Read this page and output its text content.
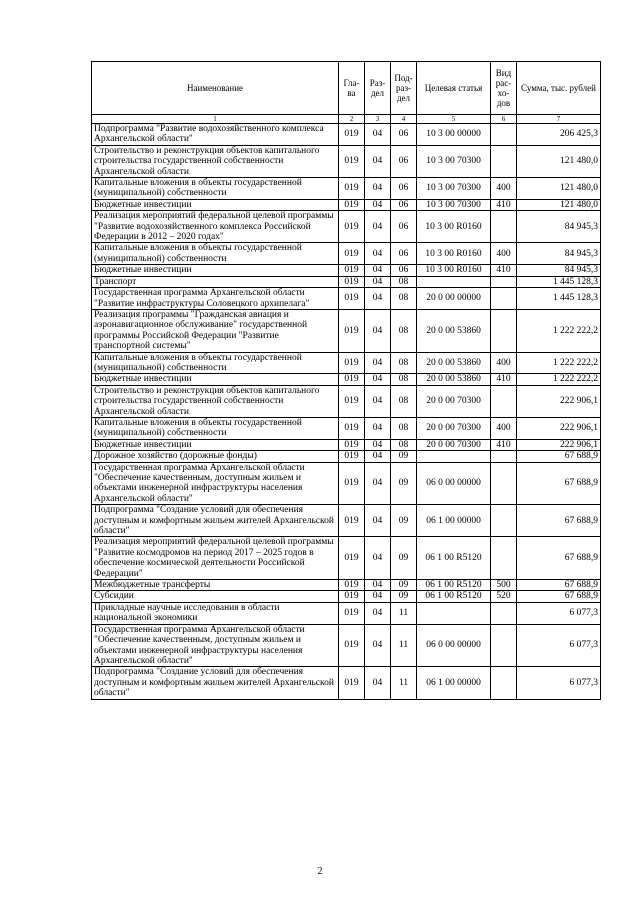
Наименование	Гла-ва	Раз-дел	Под-раз-дел	Целевая статья	Вид рас-хо-дов	Сумма, тыс. рублей
1	2	3	4	5	6	7
Подпрограмма "Развитие водохозяйственного комплекса Архангельской области"	019	04	06	10 3 00 00000		206 425,3
Строительство и реконструкция объектов капитального строительства государственной собственности Архангельской области	019	04	06	10 3 00 70300		121 480,0
Капитальные вложения в объекты государственной (муниципальной) собственности	019	04	06	10 3 00 70300	400	121 480,0
Бюджетные инвестиции	019	04	06	10 3 00 70300	410	121 480,0
Реализация мероприятий федеральной целевой программы "Развитие водохозяйственного комплекса Российской Федерации в 2012 – 2020 годах"	019	04	06	10 3 00 R0160		84 945,3
Капитальные вложения в объекты государственной (муниципальной) собственности	019	04	06	10 3 00 R0160	400	84 945,3
Бюджетные инвестиции	019	04	06	10 3 00 R0160	410	84 945,3
Транспорт	019	04	08			1 445 128,3
Государственная программа Архангельской области "Развитие инфраструктуры Соловецкого архипелага"	019	04	08	20 0 00 00000		1 445 128,3
Реализация программы "Гражданская авиация и аэронавигационное обслуживание" государственной программы Российской Федерации "Развитие транспортной системы"	019	04	08	20 0 00 53860		1 222 222,2
Капитальные вложения в объекты государственной (муниципальной) собственности	019	04	08	20 0 00 53860	400	1 222 222,2
Бюджетные инвестиции	019	04	08	20 0 00 53860	410	1 222 222,2
Строительство и реконструкция объектов капитального строительства государственной собственности Архангельской области	019	04	08	20 0 00 70300		222 906,1
Капитальные вложения в объекты государственной (муниципальной) собственности	019	04	08	20 0 00 70300	400	222 906,1
Бюджетные инвестиции	019	04	08	20 0 00 70300	410	222 906,1
Дорожное хозяйство (дорожные фонды)	019	04	09			67 688,9
Государственная программа Архангельской области "Обеспечение качественным, доступным жильем и объектами инженерной инфраструктуры населения Архангельской области"	019	04	09	06 0 00 00000		67 688,9
Подпрограмма "Создание условий для обеспечения доступным и комфортным жильем жителей Архангельской области"	019	04	09	06 1 00 00000		67 688,9
Реализация мероприятий федеральной целевой программы "Развитие космодромов на период 2017 – 2025 годов в обеспечение космической деятельности Российской Федерации"	019	04	09	06 1 00 R5120		67 688,9
Межбюджетные трансферты	019	04	09	06 1 00 R5120	500	67 688,9
Субсидии	019	04	09	06 1 00 R5120	520	67 688,9
Прикладные научные исследования в области национальной экономики	019	04	11			6 077,3
Государственная программа Архангельской области "Обеспечение качественным, доступным жильем и объектами инженерной инфраструктуры населения Архангельской области"	019	04	11	06 0 00 00000		6 077,3
Подпрограмма "Создание условий для обеспечения доступным и комфортным жильем жителей Архангельской области"	019	04	11	06 1 00 00000		6 077,3
2
